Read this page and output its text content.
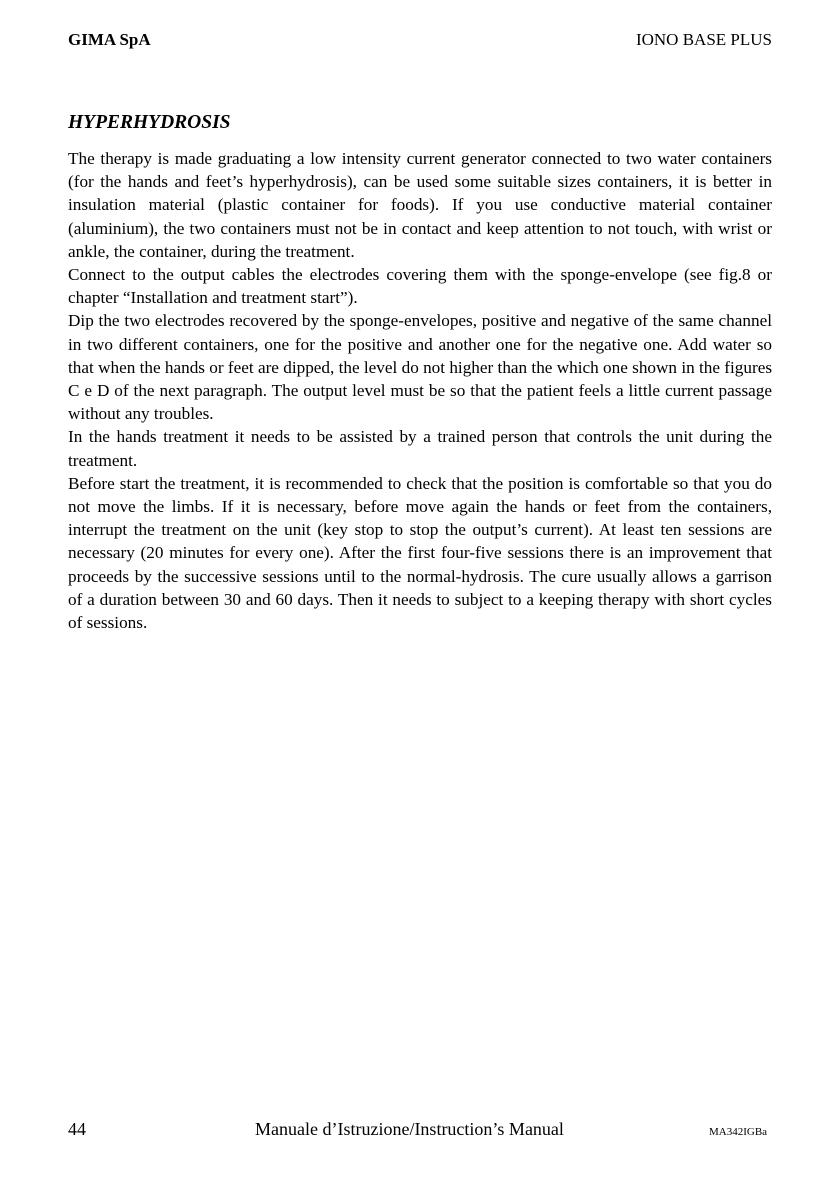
GIMA SpA	IONO BASE PLUS
HYPERHYDROSIS

The therapy is made graduating a low intensity current generator connected to two water containers (for the hands and feet’s hyperhydrosis), can be used some suitable sizes containers, it is better in insulation material (plastic container for foods). If you use conductive material container (aluminium), the two containers must not be in contact and keep attention to not touch, with wrist or ankle, the container, during the treatment.

Connect to the output cables the electrodes covering them with the sponge-envelope (see fig.8 or chapter “Installation and treatment start”).

Dip the two electrodes recovered by the sponge-envelopes, positive and negative of the same channel in two different containers, one for the positive and another one for the negative one. Add water so that when the hands or feet are dipped, the level do not higher than the which one shown in the figures C e D of the next paragraph. The output level must be so that the patient feels a little current passage without any troubles.

In the hands treatment it needs to be assisted by a trained person that controls the unit during the treatment.

Before start the treatment, it is recommended to check that the position is comfortable so that you do not move the limbs. If it is necessary, before move again the hands or feet from the containers, interrupt the treatment on the unit (key stop to stop the output’s current). At least ten sessions are necessary (20 minutes for every one). After the first four-five sessions there is an improvement that proceeds by the successive sessions until to the normal-hydrosis. The cure usually allows a garrison of a duration between 30 and 60 days. Then it needs to subject to a keeping therapy with short cycles of sessions.

44	Manuale d’Istruzione/Instruction’s Manual	MA342IGBa
